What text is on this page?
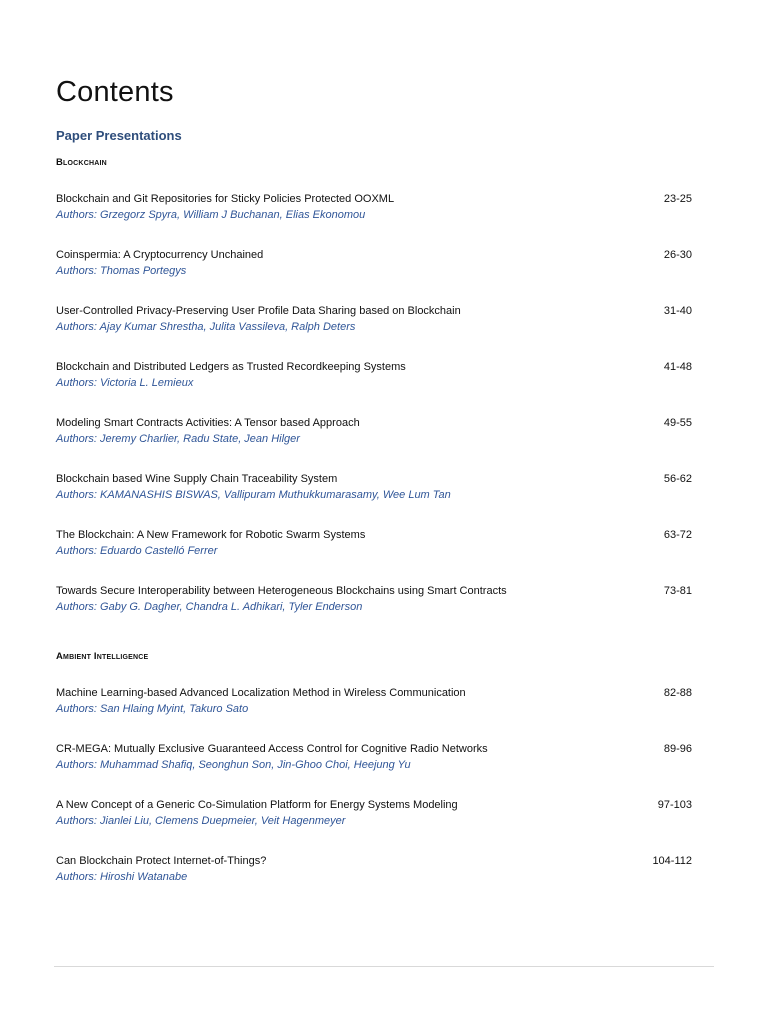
Contents
Paper Presentations
Blockchain
Blockchain and Git Repositories for Sticky Policies Protected OOXML
Authors: Grzegorz Spyra, William J Buchanan, Elias Ekonomou
23-25
Coinspermia: A Cryptocurrency Unchained
Authors: Thomas Portegys
26-30
User-Controlled Privacy-Preserving User Profile Data Sharing based on Blockchain
Authors: Ajay Kumar Shrestha, Julita Vassileva, Ralph Deters
31-40
Blockchain and Distributed Ledgers as Trusted Recordkeeping Systems
Authors: Victoria L. Lemieux
41-48
Modeling Smart Contracts Activities: A Tensor based Approach
Authors: Jeremy Charlier, Radu State, Jean Hilger
49-55
Blockchain based Wine Supply Chain Traceability System
Authors: KAMANASHIS BISWAS, Vallipuram Muthukkumarasamy, Wee Lum Tan
56-62
The Blockchain: A New Framework for Robotic Swarm Systems
Authors: Eduardo Castelló Ferrer
63-72
Towards Secure Interoperability between Heterogeneous Blockchains using Smart Contracts
Authors: Gaby G. Dagher, Chandra L. Adhikari, Tyler Enderson
73-81
Ambient Intelligence
Machine Learning-based Advanced Localization Method in Wireless Communication
Authors: San Hlaing Myint, Takuro Sato
82-88
CR-MEGA: Mutually Exclusive Guaranteed Access Control for Cognitive Radio Networks
Authors: Muhammad Shafiq, Seonghun Son, Jin-Ghoo Choi, Heejung Yu
89-96
A New Concept of a Generic Co-Simulation Platform for Energy Systems Modeling
Authors: Jianlei Liu, Clemens Duepmeier, Veit Hagenmeyer
97-103
Can Blockchain Protect Internet-of-Things?
Authors: Hiroshi Watanabe
104-112
